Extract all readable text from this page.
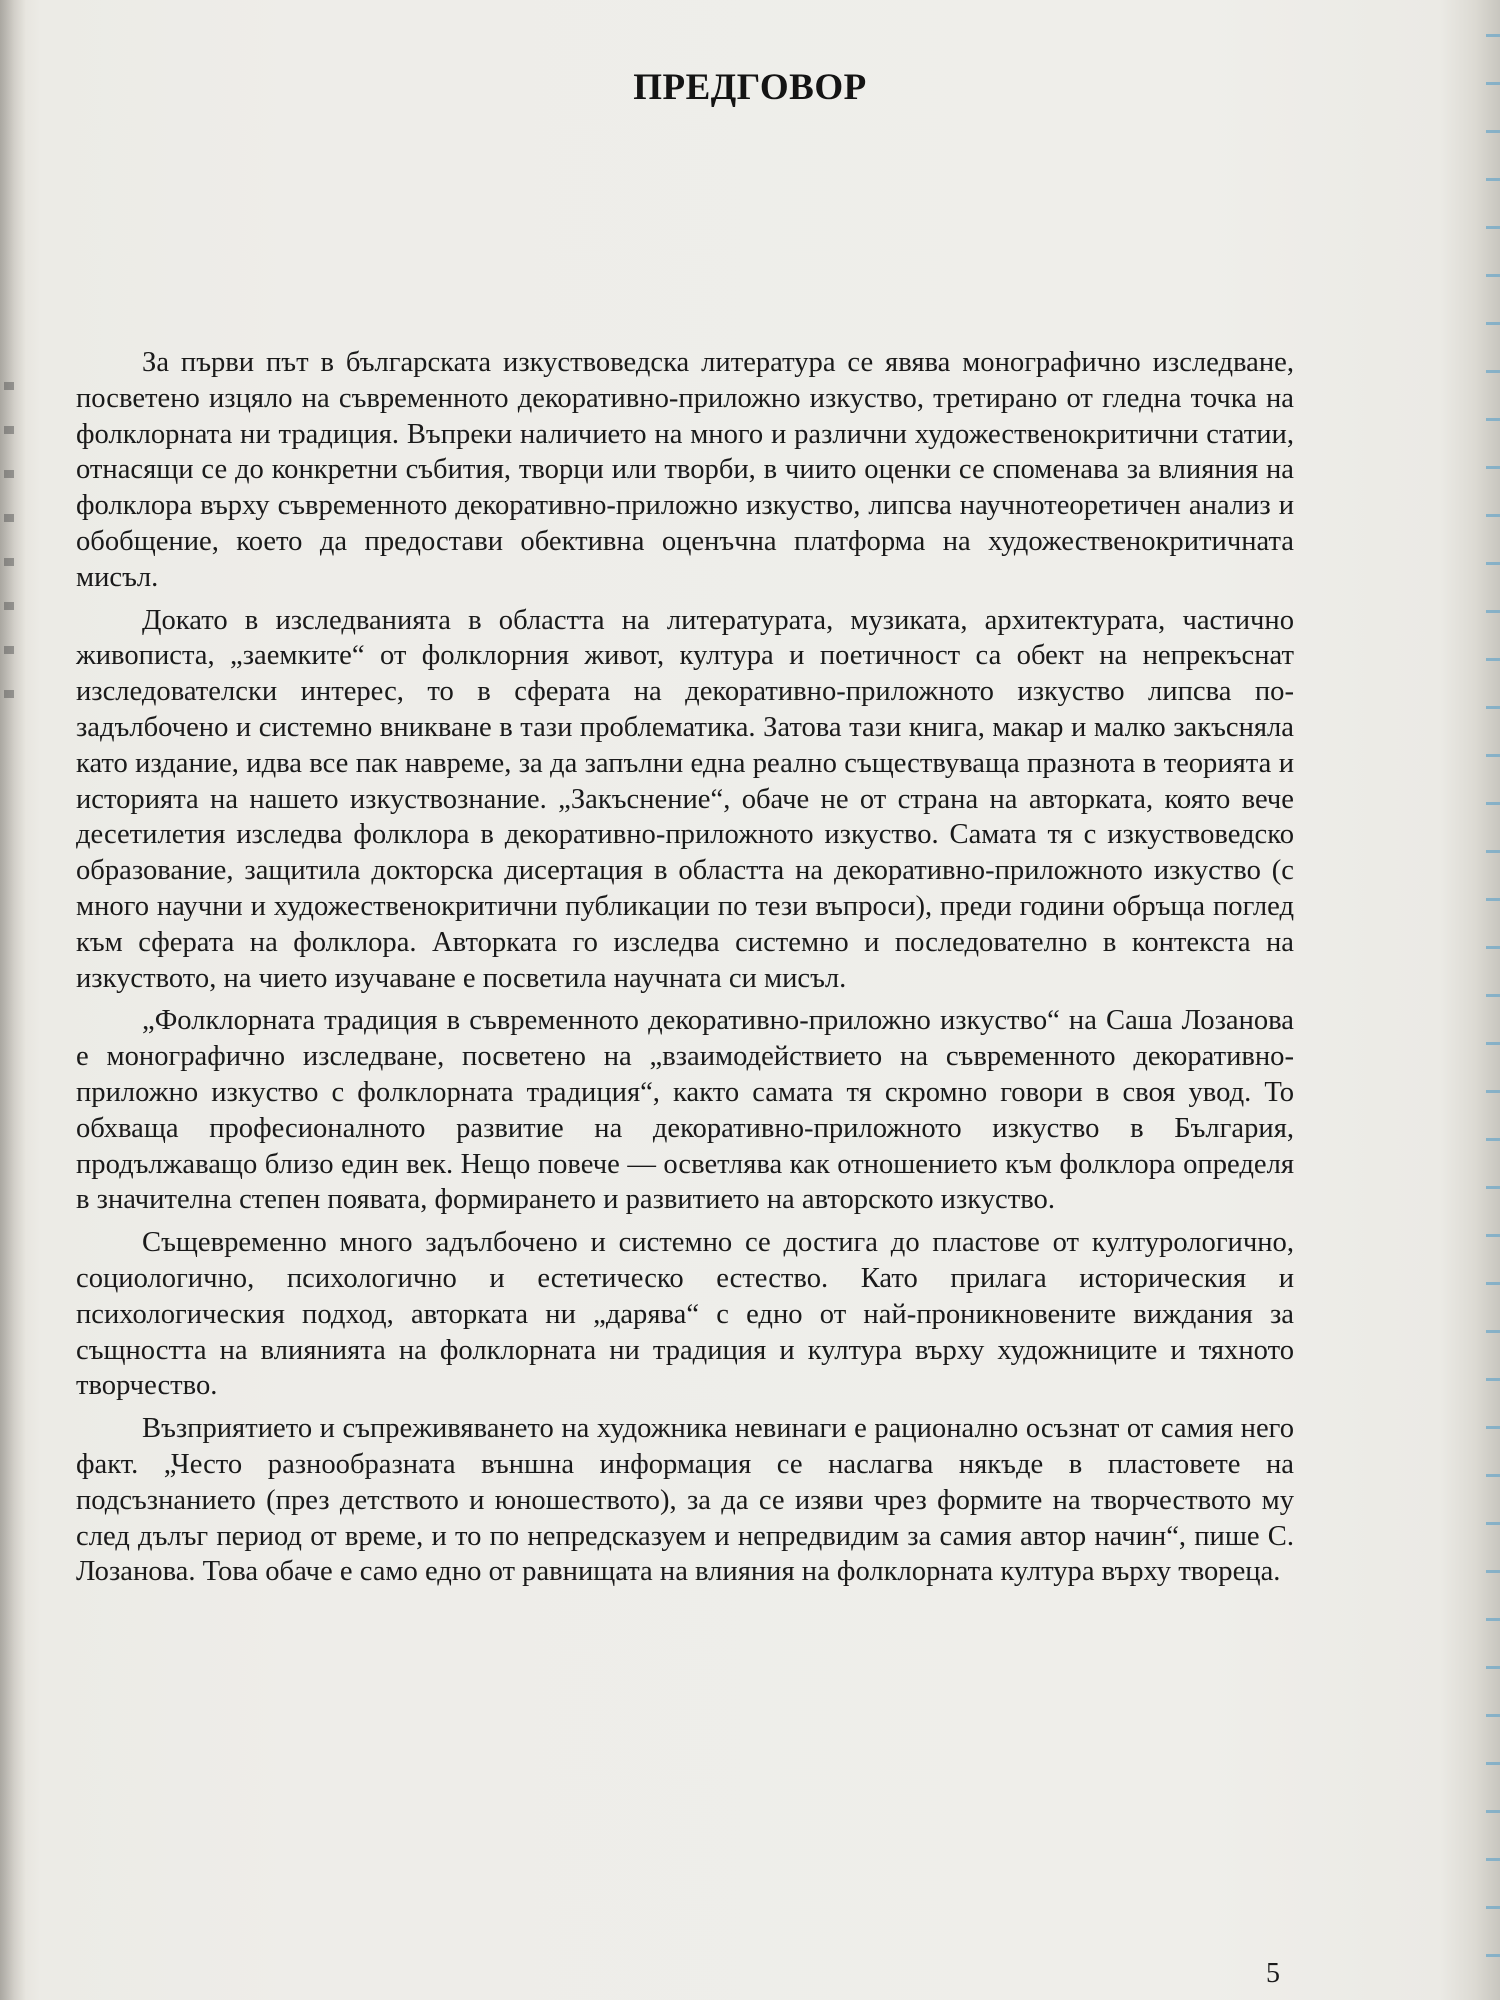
ПРЕДГОВОР

За първи път в българската изкуствоведска литература се явява монографично изследване, посветено изцяло на съвременното декоративно-приложно изкуство, третирано от гледна точка на фолклорната ни традиция. Въпреки наличието на много и различни художественокритични статии, отнасящи се до конкретни събития, творци или творби, в чиито оценки се споменава за влияния на фолклора върху съвременното декоративно-приложно изкуство, липсва научнотеоретичен анализ и обобщение, което да предостави обективна оценъчна платформа на художественокритичната мисъл.

Докато в изследванията в областта на литературата, музиката, архитектурата, частично живописта, „заемките“ от фолклорния живот, култура и поетичност са обект на непрекъснат изследователски интерес, то в сферата на декоративно-приложното изкуство липсва по-задълбочено и системно вникване в тази проблематика. Затова тази книга, макар и малко закъсняла като издание, идва все пак навреме, за да запълни една реално съществуваща празнота в теорията и историята на нашето изкуствознание. „Закъснение“, обаче не от страна на авторката, която вече десетилетия изследва фолклора в декоративно-приложното изкуство. Самата тя с изкуствоведско образование, защитила докторска дисертация в областта на декоративно-приложното изкуство (с много научни и художественокритични публикации по тези въпроси), преди години обръща поглед към сферата на фолклора. Авторката го изследва системно и последователно в контекста на изкуството, на чието изучаване е посветила научната си мисъл.

„Фолклорната традиция в съвременното декоративно-приложно изкуство“ на Саша Лозанова е монографично изследване, посветено на „взаимодействието на съвременното декоративно-приложно изкуство с фолклорната традиция“, както самата тя скромно говори в своя увод. То обхваща професионалното развитие на декоративно-приложното изкуство в България, продължаващо близо един век. Нещо повече — осветлява как отношението към фолклора определя в значителна степен появата, формирането и развитието на авторското изкуство.

Същевременно много задълбочено и системно се достига до пластове от културологично, социологично, психологично и естетическо естество. Като прилага историческия и психологическия подход, авторката ни „дарява“ с едно от най-проникновените виждания за същността на влиянията на фолклорната ни традиция и култура върху художниците и тяхното творчество.

Възприятието и съпреживяването на художника невинаги е рационално осъзнат от самия него факт. „Често разнообразната външна информация се наслагва някъде в пластовете на подсъзнанието (през детството и юношеството), за да се изяви чрез формите на творчеството му след дълъг период от време, и то по непредсказуем и непредвидим за самия автор начин“, пише С. Лозанова. Това обаче е само едно от равнищата на влияния на фолклорната култура върху твореца.

5
